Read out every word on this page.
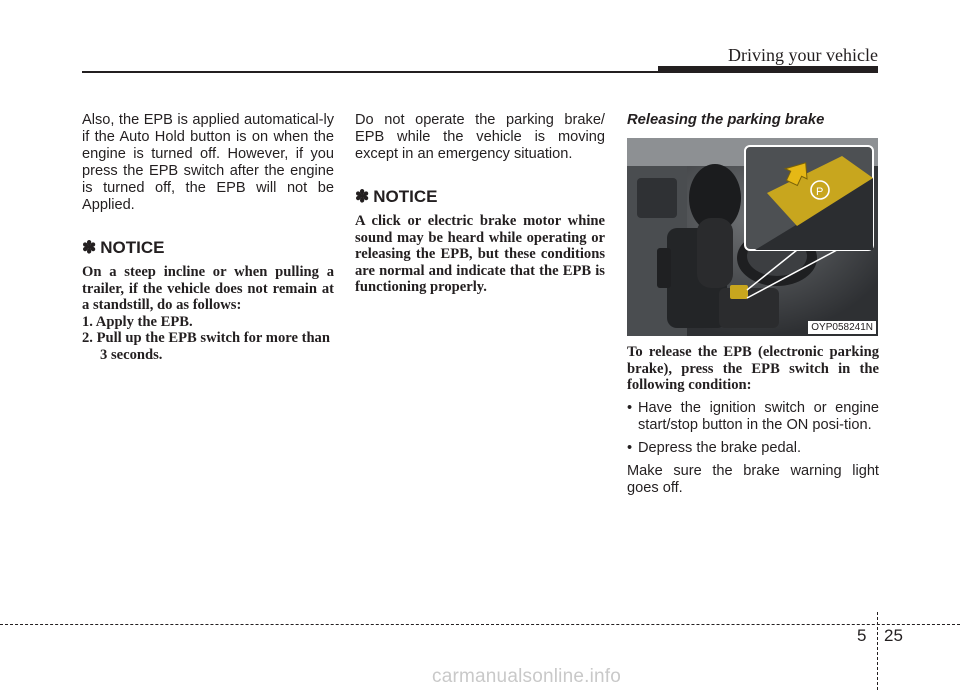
Driving your vehicle

Also, the EPB is applied automatical-ly if the Auto Hold button is on when the engine is turned off. However, if you press the EPB switch after the engine is turned off, the EPB will not be Applied.

✽ NOTICE

On a steep incline or when pulling a trailer, if the vehicle does not remain at a standstill, do as follows:

1. Apply the EPB.

2. Pull up the EPB switch for more than 3 seconds.

Do not operate the parking brake/ EPB while the vehicle is moving except in an emergency situation.

✽ NOTICE

A click or electric brake motor whine sound may be heard while operating or releasing the EPB, but these conditions are normal and indicate that the EPB is functioning properly.

Releasing the parking brake
P
OYP058241N

To release the EPB (electronic parking brake), press the EPB switch in the following condition:

• Have the ignition switch or engine start/stop button in the ON posi-tion.
• Depress the brake pedal.

Make sure the brake warning light goes off.

5 25
carmanualsonline.info
